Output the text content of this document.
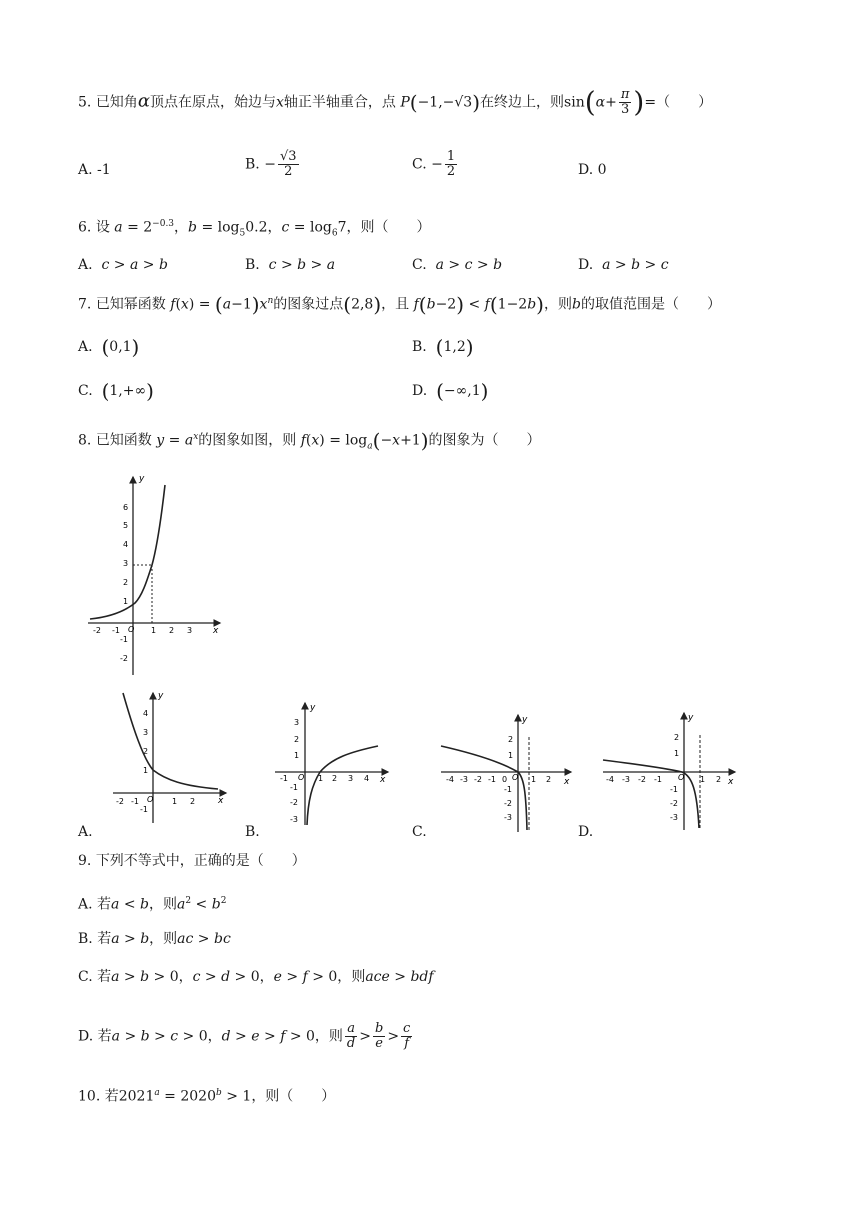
5. 已知角α顶点在原点，始边与x轴正半轴重合，点 P(−1,−√3)在终边上，则$\sin(\alpha+ \frac{\pi}{3}$ )=（　　）
A. -1	B. − $\frac{√3}{2}$	C. − $\frac{1}{2}$	D. 0
6. 设 $a = 2^{-0.3}$，$b = \log_50.2$，$c = \log_67$，则（　　）
A. c > a > b	B. c > b > a	C. a > c > b	D. a > b > c
7. 已知幂函数 $f(x) = (a-1)x^n$的图象过点(2,8)，且 f(b−2) < f(1−2b)，则b的取值范围是（　　）
A. (0,1)	B. (1,2)
C. (1,+∞)	D. (−∞,1)
8. 已知函数 $y = a^x$的图象如图，则 $f(x) = \log_a(-x+1)$的图象为（　　）
y
x
6
5
4
3
2
1
-1
-2
-2 -1 O 1 2 3
y
x
4
3
2
1
-2 -1 O 1 2
-1
A.
y
x
3
2
1
-1 O 1 2 3 4
-1
-2
-3
B.
y
x
2
1
-4 -3 -2 -1 0 O 1 2
-1
-2
-3
C.
y
x
2
1
-4 -3 -2 -1 O 1 2
-1
-2
-3
D.
9. 下列不等式中，正确的是（　　）
A. 若a < b，则$a^2 < b^2$
B. 若a > b，则ac > bc
C. 若a > b > 0，c > d > 0，e > f > 0，则ace > bdf
D. 若a > b > c > 0，d > e > f > 0，则 $\frac{a}{d} > \frac{b}{e} > \frac{c}{f}$
10. 若$2021^a = 2020^b > 1$，则（　　）
